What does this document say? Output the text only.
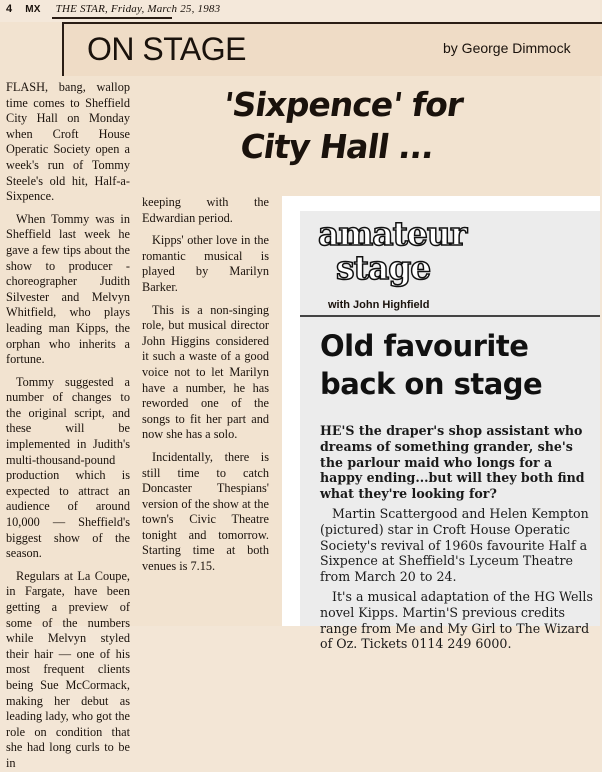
4 MX THE STAR, Friday, March 25, 1983
ON STAGE	by George Dimmock
'Sixpence' for
City Hall ...

FLASH, bang, wallop time comes to Sheffield City Hall on Monday when Croft House Operatic Society open a week's run of Tommy Steele's old hit, Half-a-Sixpence.

When Tommy was in Sheffield last week he gave a few tips about the show to producer - choreographer Judith Silvester and Melvyn Whitfield, who plays leading man Kipps, the orphan who inherits a fortune.

Tommy suggested a number of changes to the original script, and these will be implemented in Judith's multi-thousand-pound production which is expected to attract an audience of around 10,000 — Sheffield's biggest show of the season.

Regulars at La Coupe, in Fargate, have been getting a preview of some of the numbers while Melvyn styled their hair — one of his most frequent clients being Sue McCormack, making her debut as leading lady, who got the role on condition that she had long curls to be in

keeping with the Edwardian period.

Kipps' other love in the romantic musical is played by Marilyn Barker.

This is a non-singing role, but musical director John Higgins considered it such a waste of a good voice not to let Marilyn have a number, he has reworded one of the songs to fit her part and now she has a solo.

Incidentally, there is still time to catch Doncaster Thespians' version of the show at the town's Civic Theatre tonight and tomorrow. Starting time at both venues is 7.15.

amateur
stage
with John Highfield
Old favourite
back on stage

HE'S the draper's shop assistant who dreams of something grander, she's the parlour maid who longs for a happy ending...but will they both find what they're looking for?

Martin Scattergood and Helen Kempton (pictured) star in Croft House Operatic Society's revival of 1960s favourite Half a Sixpence at Sheffield's Lyceum Theatre from March 20 to 24.

It's a musical adaptation of the HG Wells novel Kipps. Martin'S previous credits range from Me and My Girl to The Wizard of Oz. Tickets 0114 249 6000.
